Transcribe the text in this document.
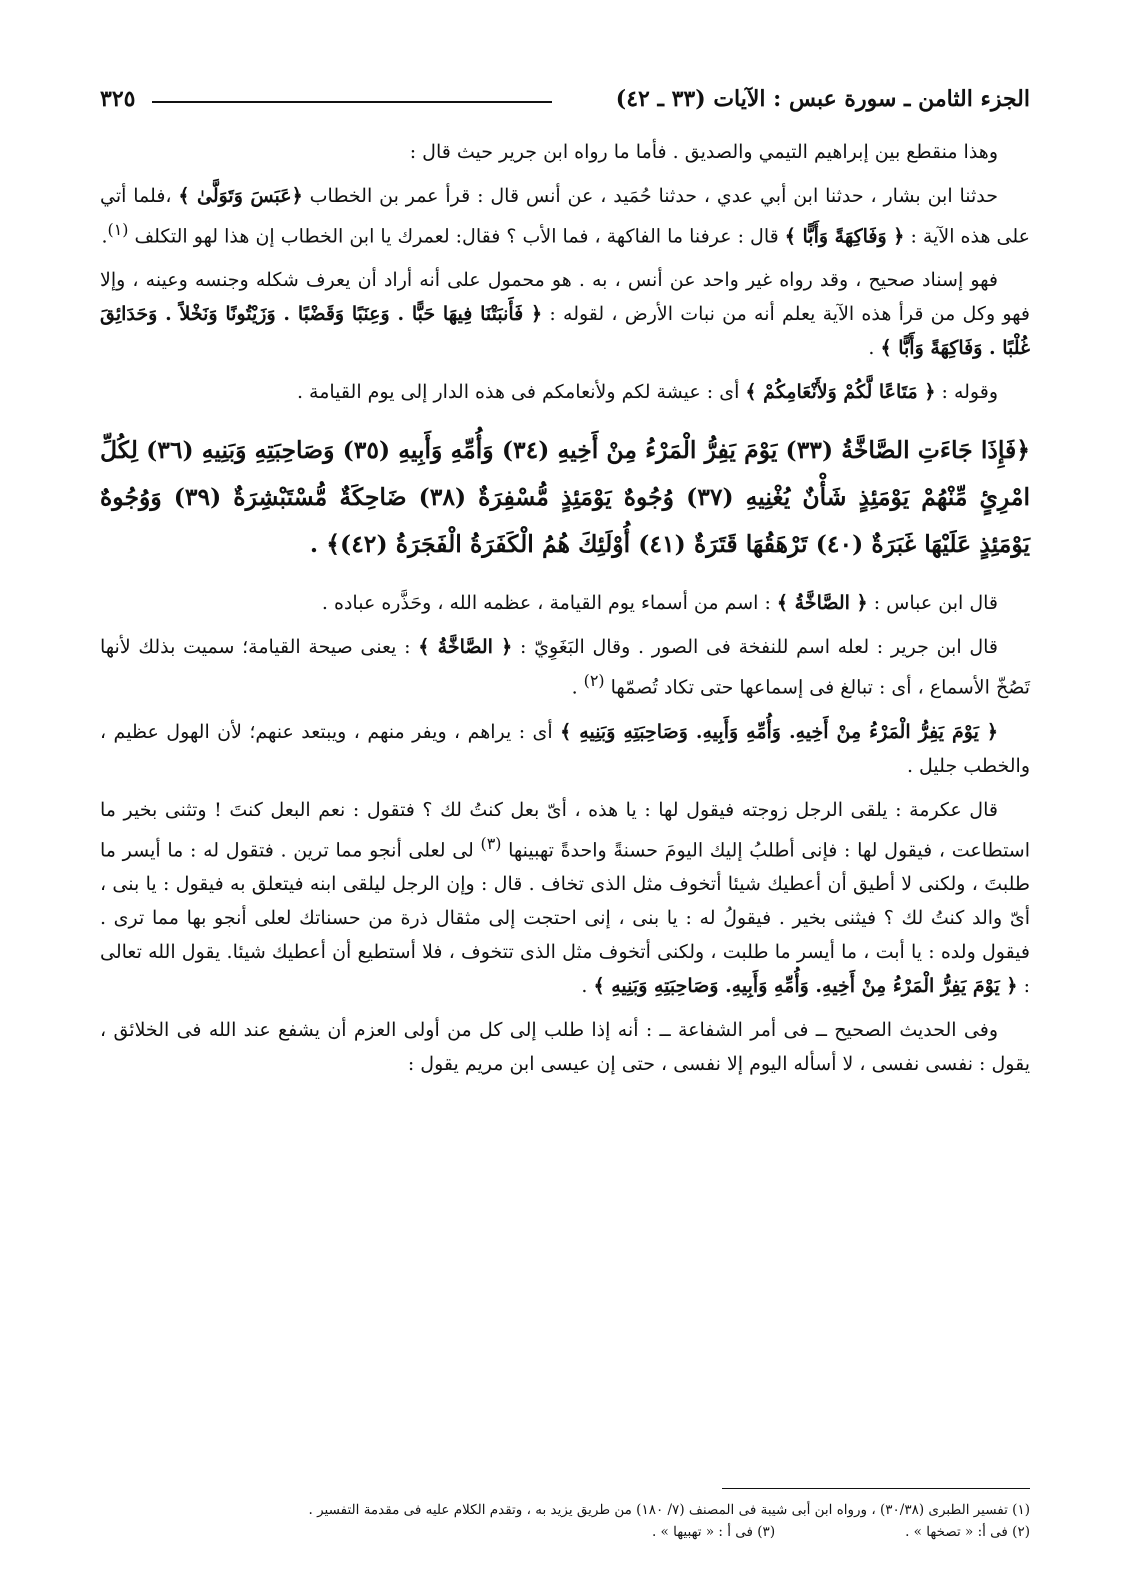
الجزء الثامن ـ سورة عبس : الآيات (٣٣ ـ ٤٢)
٣٢٥

وهذا منقطع بين إبراهيم التيمي والصديق . فأما ما رواه ابن جرير حيث قال :

حدثنا ابن بشار ، حدثنا ابن أبي عدي ، حدثنا حُمَيد ، عن أنس قال : قرأ عمر بن الخطاب ﴿عَبَسَ وَتَوَلَّىٰ ﴾ ،فلما أتي على هذه الآية : ﴿ وَفَاكِهَةً وَأَبًّا ﴾ قال : عرفنا ما الفاكهة ، فما الأب ؟ فقال: لعمرك يا ابن الخطاب إن هذا لهو التكلف $^{(١)}$.

فهو إسناد صحيح ، وقد رواه غير واحد عن أنس ، به . هو محمول على أنه أراد أن يعرف شكله وجنسه وعينه ، وإلا فهو وكل من قرأ هذه الآية يعلم أنه من نبات الأرض ، لقوله : ﴿ فَأَنبَتْنَا فِيهَا حَبًّا . وَعِنَبًا وَقَضْبًا . وَزَيْتُونًا وَنَخْلاً . وَحَدَائِقَ غُلْبًا . وَفَاكِهَةً وَأَبًّا ﴾ .

وقوله : ﴿ مَتَاعًا لَّكُمْ وَلأَنْعَامِكُمْ ﴾ أى : عيشة لكم ولأنعامكم فى هذه الدار إلى يوم القيامة .

﴿فَإِذَا جَاءَتِ الصَّاخَّةُ (٣٣) يَوْمَ يَفِرُّ الْمَرْءُ مِنْ أَخِيهِ (٣٤) وَأُمِّهِ وَأَبِيهِ (٣٥) وَصَاحِبَتِهِ وَبَنِيهِ (٣٦) لِكُلِّ امْرِئٍ مِّنْهُمْ يَوْمَئِذٍ شَأْنٌ يُغْنِيهِ (٣٧) وُجُوهٌ يَوْمَئِذٍ مُّسْفِرَةٌ (٣٨) ضَاحِكَةٌ مُّسْتَبْشِرَةٌ (٣٩) وَوُجُوهٌ يَوْمَئِذٍ عَلَيْهَا غَبَرَةٌ (٤٠) تَرْهَقُهَا قَتَرَةٌ (٤١) أُوْلَئِكَ هُمُ الْكَفَرَةُ الْفَجَرَةُ (٤٢)﴾ .

قال ابن عباس : ﴿ الصَّاخَّةُ ﴾ : اسم من أسماء يوم القيامة ، عظمه الله ، وحَذَّره عباده .

قال ابن جرير : لعله اسم للنفخة فى الصور . وقال البَغَوِيّ : ﴿ الصَّاخَّةُ ﴾ : يعنى صيحة القيامة؛ سميت بذلك لأنها تَصُخّ الأسماع ، أى : تبالغ فى إسماعها حتى تكاد تُصمّها $^{(٢)}$ .

﴿ يَوْمَ يَفِرُّ الْمَرْءُ مِنْ أَخِيهِ. وَأُمِّهِ وَأَبِيهِ. وَصَاحِبَتِهِ وَبَنِيهِ ﴾ أى : يراهم ، ويفر منهم ، ويبتعد عنهم؛ لأن الهول عظيم ، والخطب جليل .

قال عكرمة : يلقى الرجل زوجته فيقول لها : يا هذه ، أىّ بعل كنتُ لك ؟ فتقول : نعم البعل كنتَ ! وتثنى بخير ما استطاعت ، فيقول لها : فإنى أطلبُ إليك اليومَ حسنةً واحدةً تهبينها $^{(٣)}$ لى لعلى أنجو مما ترين . فتقول له : ما أيسر ما طلبتَ ، ولكنى لا أطيق أن أعطيك شيئا أتخوف مثل الذى تخاف . قال : وإن الرجل ليلقى ابنه فيتعلق به فيقول : يا بنى ، أىّ والد كنتُ لك ؟ فيثنى بخير . فيقولُ له : يا بنى ، إنى احتجت إلى مثقال ذرة من حسناتك لعلى أنجو بها مما ترى . فيقول ولده : يا أبت ، ما أيسر ما طلبت ، ولكنى أتخوف مثل الذى تتخوف ، فلا أستطيع أن أعطيك شيئا. يقول الله تعالى : ﴿ يَوْمَ يَفِرُّ الْمَرْءُ مِنْ أَخِيهِ. وَأُمِّهِ وَأَبِيهِ. وَصَاحِبَتِهِ وَبَنِيهِ ﴾ .

وفى الحديث الصحيح ــ فى أمر الشفاعة ــ : أنه إذا طلب إلى كل من أولى العزم أن يشفع عند الله فى الخلائق ، يقول : نفسى نفسى ، لا أسأله اليوم إلا نفسى ، حتى إن عيسى ابن مريم يقول :

(١) تفسير الطبرى (٣٠/٣٨) ، ورواه ابن أبى شيبة فى المصنف (٧/ ١٨٠) من طريق يزيد به ، وتقدم الكلام عليه فى مقدمة التفسير .

(٢) فى أ: « تصخها » .(٣) فى أ : « تهبيها » .
